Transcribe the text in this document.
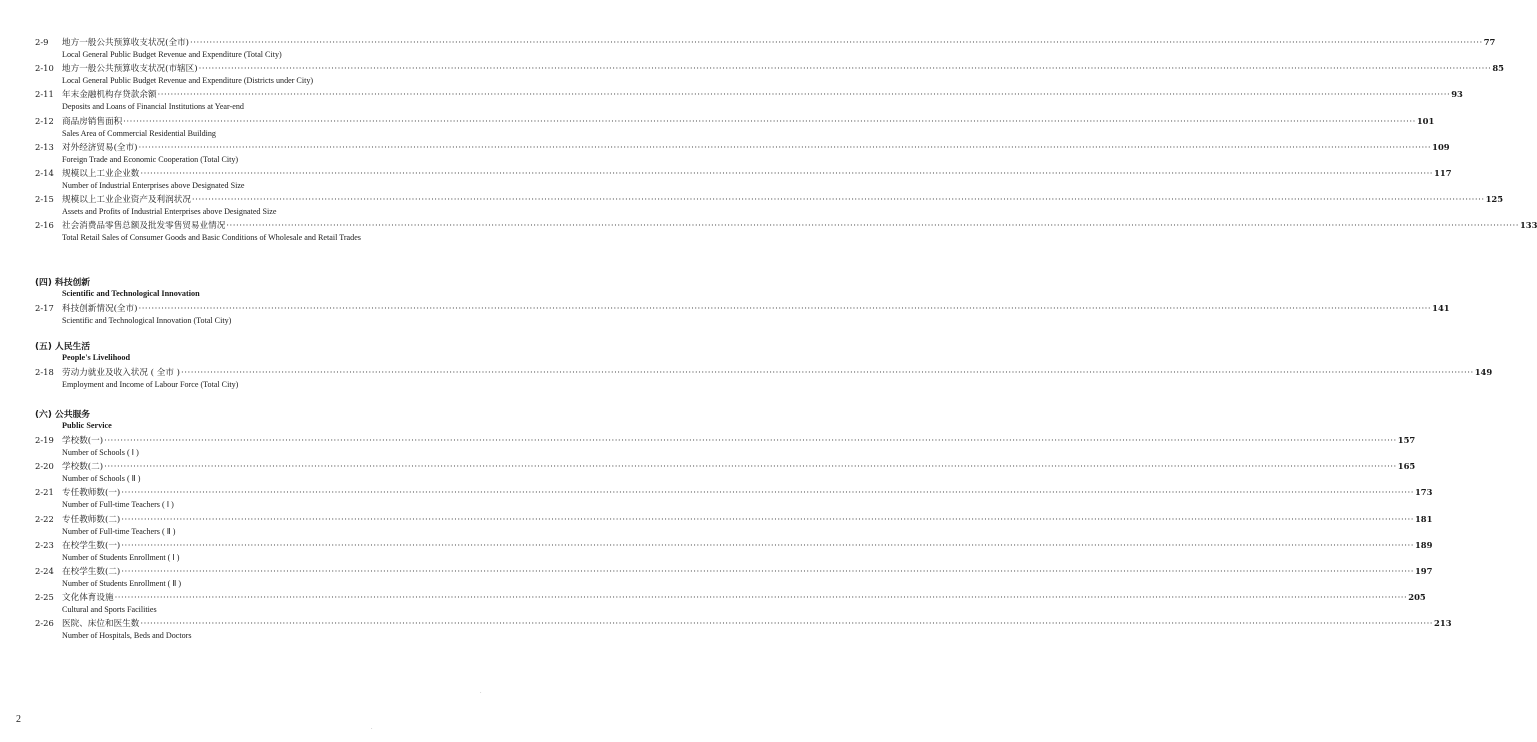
2-9 地方一般公共预算收支状况(全市) ················································································································································································································································································································································································································ 77
Local General Public Budget Revenue and Expenditure (Total City)
2-10 地方一般公共预算收支状况(市辖区) ················································································································································································································································································································································································································ 85
Local General Public Budget Revenue and Expenditure (Districts under City)
2-11 年末金融机构存贷款余额 ················································································································································································································································································································································································································ 93
Deposits and Loans of Financial Institutions at Year-end
2-12 商品房销售面积 ················································································································································································································································································································································································································ 101
Sales Area of Commercial Residential Building
2-13 对外经济贸易(全市) ················································································································································································································································································································································································································ 109
Foreign Trade and Economic Cooperation (Total City)
2-14 规模以上工业企业数 ················································································································································································································································································································································································································ 117
Number of Industrial Enterprises above Designated Size
2-15 规模以上工业企业资产及利润状况 ················································································································································································································································································································································································································ 125
Assets and Profits of Industrial Enterprises above Designated Size
2-16 社会消费品零售总额及批发零售贸易业情况 ················································································································································································································································································································································································································ 133
Total Retail Sales of Consumer Goods and Basic Conditions of Wholesale and Retail Trades
(四) 科技创新
Scientific and Technological Innovation
2-17 科技创新情况(全市) ················································································································································································································································································································································································································ 141
Scientific and Technological Innovation (Total City)
(五) 人民生活
People's Livelihood
2-18 劳动力就业及收入状况 ( 全市 ) ················································································································································································································································································································································································································ 149
Employment and Income of Labour Force (Total City)
(六) 公共服务
Public Service
2-19 学校数(一) ················································································································································································································································································································································································································ 157
Number of Schools ( Ⅰ )
2-20 学校数(二) ················································································································································································································································································································································································································ 165
Number of Schools ( Ⅱ )
2-21 专任教师数(一) ················································································································································································································································································································································································································ 173
Number of Full-time Teachers ( Ⅰ )
2-22 专任教师数(二) ················································································································································································································································································································································································································ 181
Number of Full-time Teachers ( Ⅱ )
2-23 在校学生数(一) ················································································································································································································································································································································································································ 189
Number of Students Enrollment ( Ⅰ )
2-24 在校学生数(二) ················································································································································································································································································································································································································ 197
Number of Students Enrollment ( Ⅱ )
2-25 文化体育设施 ················································································································································································································································································································································································································ 205
Cultural and Sports Facilities
2-26 医院、床位和医生数 ················································································································································································································································································································································································································ 213
Number of Hospitals, Beds and Doctors
2
·
·
